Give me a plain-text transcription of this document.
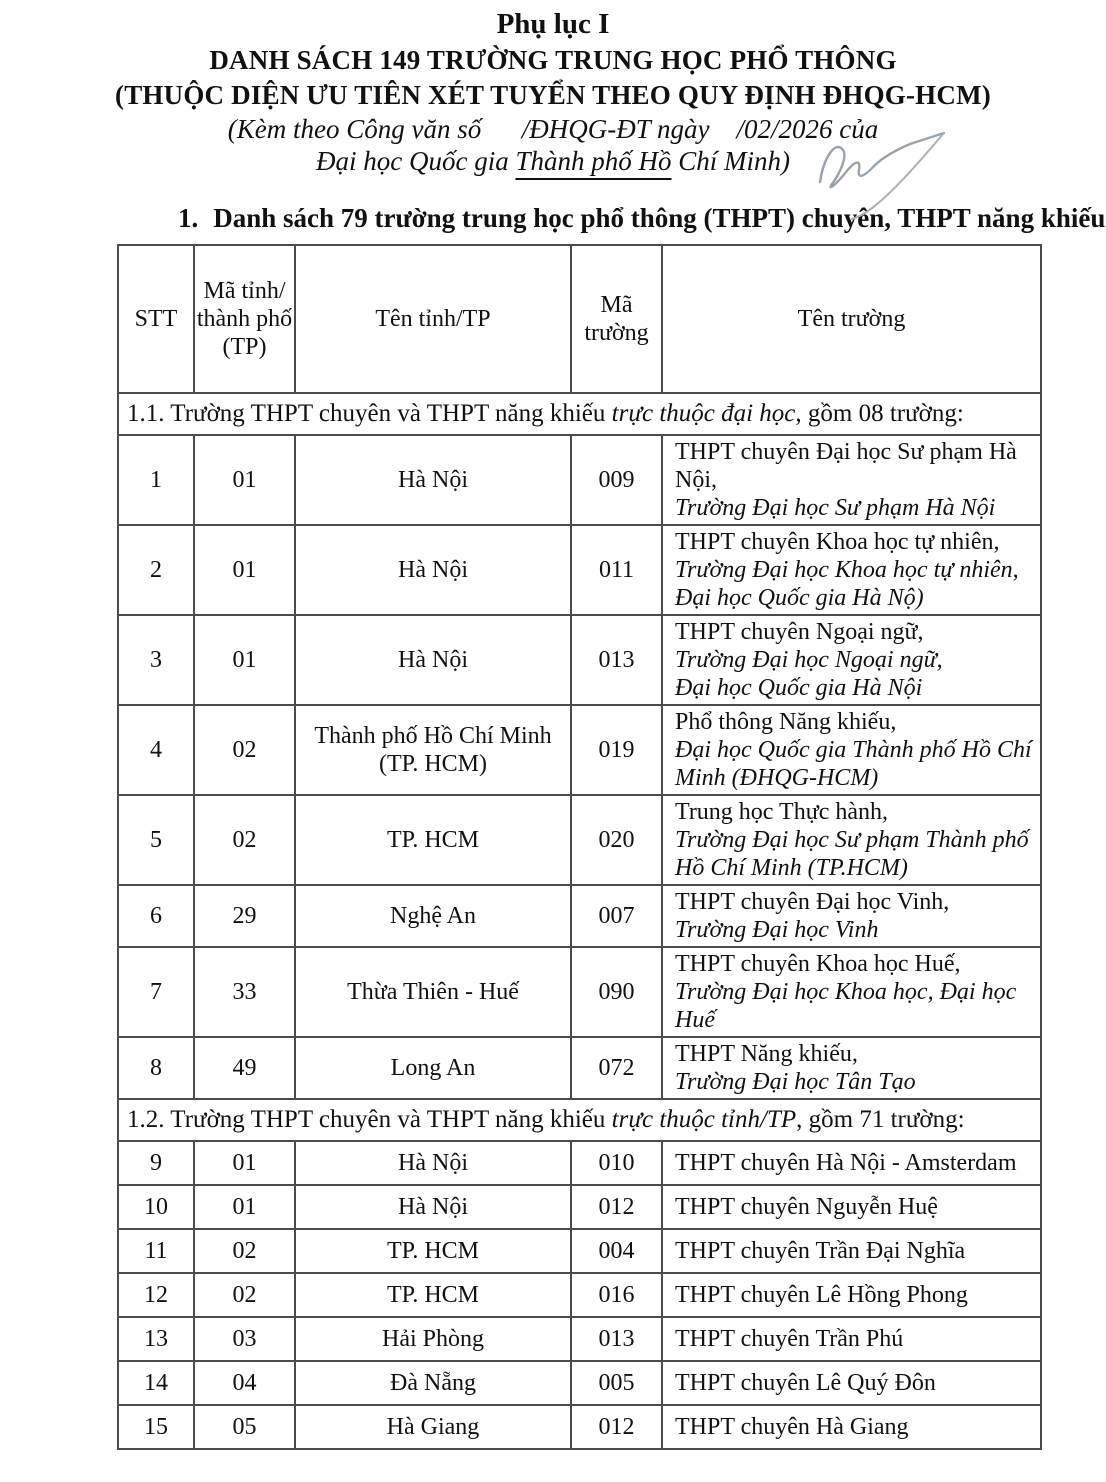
Phụ lục I
DANH SÁCH 149 TRƯỜNG TRUNG HỌC PHỔ THÔNG
(THUỘC DIỆN ƯU TIÊN XÉT TUYỂN THEO QUY ĐỊNH ĐHQG-HCM)
(Kèm theo Công văn số      /ĐHQG-ĐT ngày    /02/2026 của
Đại học Quốc gia Thành phố Hồ Chí Minh)
1. Danh sách 79 trường trung học phổ thông (THPT) chuyên, THPT năng khiếu
STT	Mã tỉnh/ thành phố (TP)	Tên tỉnh/TP	Mã trường	Tên trường
1.1. Trường THPT chuyên và THPT năng khiếu trực thuộc đại học, gồm 08 trường:				
1	01	Hà Nội	009	THPT chuyên Đại học Sư phạm Hà Nội,
Trường Đại học Sư phạm Hà Nội

2	01	Hà Nội	011	THPT chuyên Khoa học tự nhiên,
Trường Đại học Khoa học tự nhiên,
Đại học Quốc gia Hà Nộ)

3	01	Hà Nội	013	THPT chuyên Ngoại ngữ,
Trường Đại học Ngoại ngữ,
Đại học Quốc gia Hà Nội

4	02	Thành phố Hồ Chí Minh (TP. HCM)	019	Phổ thông Năng khiếu,
Đại học Quốc gia Thành phố Hồ Chí Minh (ĐHQG-HCM)

5	02	TP. HCM	020	Trung học Thực hành,
Trường Đại học Sư phạm Thành phố Hồ Chí Minh (TP.HCM)

6	29	Nghệ An	007	THPT chuyên Đại học Vinh,
Trường Đại học Vinh

7	33	Thừa Thiên - Huế	090	THPT chuyên Khoa học Huế,
Trường Đại học Khoa học, Đại học Huế

8	49	Long An	072	THPT Năng khiếu,
Trường Đại học Tân Tạo

1.2. Trường THPT chuyên và THPT năng khiếu trực thuộc tỉnh/TP, gồm 71 trường:				
9	01	Hà Nội	010	THPT chuyên Hà Nội - Amsterdam

10	01	Hà Nội	012	THPT chuyên Nguyễn Huệ

11	02	TP. HCM	004	THPT chuyên Trần Đại Nghĩa

12	02	TP. HCM	016	THPT chuyên Lê Hồng Phong

13	03	Hải Phòng	013	THPT chuyên Trần Phú

14	04	Đà Nẵng	005	THPT chuyên Lê Quý Đôn

15	05	Hà Giang	012	THPT chuyên Hà Giang
